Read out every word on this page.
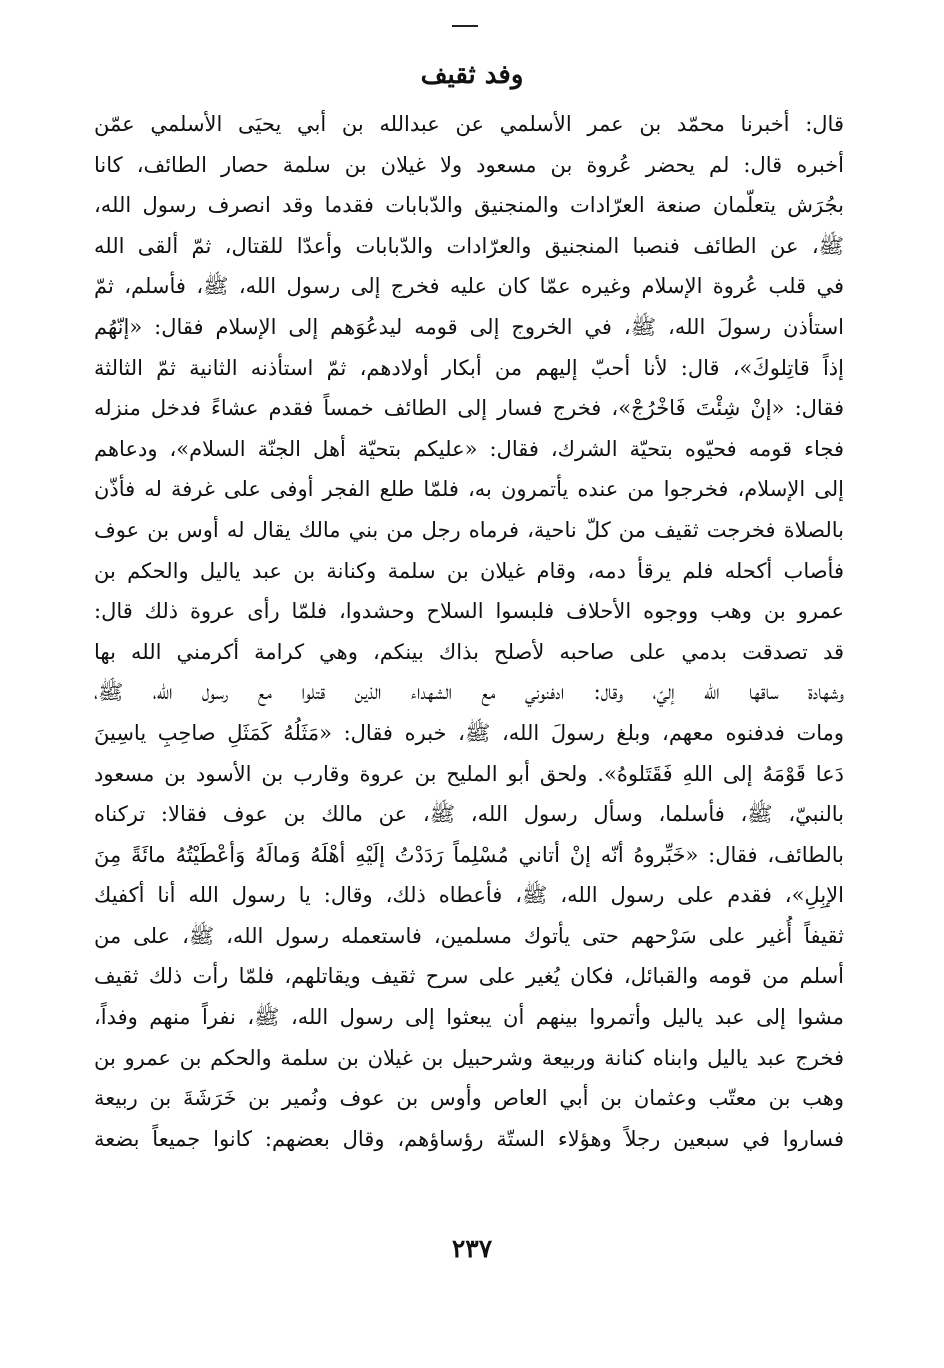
وفد ثقيف
قال: أخبرنا محمّد بن عمر الأسلمي عن عبدالله بن أبي يحيَى الأسلمي عمّن
أخبره قال: لم يحضر عُروة بن مسعود ولا غيلان بن سلمة حصار الطائف، كانا
بجُرَش يتعلّمان صنعة العرّادات والمنجنيق والدّبابات فقدما وقد انصرف رسول الله،
ﷺ، عن الطائف فنصبا المنجنيق والعرّادات والدّبابات وأعدّا للقتال، ثمّ ألقى الله
في قلب عُروة الإسلام وغيره عمّا كان عليه فخرج إلى رسول الله، ﷺ، فأسلم، ثمّ
استأذن رسولَ الله، ﷺ، في الخروج إلى قومه ليدعُوَهم إلى الإسلام فقال: «إنّهُم
إذاً قاتِلوكَ»، قال: لأنا أحبّ إليهم من أبكار أولادهم، ثمّ استأذنه الثانية ثمّ الثالثة
فقال: «إنْ شِئْتَ فَاخْرُجْ»، فخرج فسار إلى الطائف خمساً فقدم عشاءً فدخل منزله
فجاء قومه فحيّوه بتحيّة الشرك، فقال: «عليكم بتحيّة أهل الجنّة السلام»، ودعاهم
إلى الإسلام، فخرجوا من عنده يأتمرون به، فلمّا طلع الفجر أوفى على غرفة له فأذّن
بالصلاة فخرجت ثقيف من كلّ ناحية، فرماه رجل من بني مالك يقال له أوس بن عوف
فأصاب أكحله فلم يرقأ دمه، وقام غيلان بن سلمة وكنانة بن عبد ياليل والحكم بن
عمرو بن وهب ووجوه الأحلاف فلبسوا السلاح وحشدوا، فلمّا رأى عروة ذلك قال:
قد تصدقت بدمي على صاحبه لأصلح بذاك بينكم، وهي كرامة أكرمني الله بها
وشهادة ساقها الله إليّ، وقال: ادفنوني مع الشهداء الذين قتلوا مع رسول الله، ﷺ،
ومات فدفنوه معهم، وبلغ رسولَ الله، ﷺ، خبره فقال: «مَثَلُهُ كَمَثَلِ صاحِبِ ياسِينَ
دَعا قَوْمَهُ إلى اللهِ فَقَتَلوهُ». ولحق أبو المليح بن عروة وقارب بن الأسود بن مسعود
بالنبيّ، ﷺ، فأسلما، وسأل رسول الله، ﷺ، عن مالك بن عوف فقالا: تركناه
بالطائف، فقال: «خَبِّروهُ أنّه إنْ أتاني مُسْلِماً رَدَدْتُ إلَيْهِ أهْلَهُ وَمالَهُ وَأعْطَيْتُهُ مائَةً مِنَ
الإبِلِ»، فقدم على رسول الله، ﷺ، فأعطاه ذلك، وقال: يا رسول الله أنا أكفيك
ثقيفاً أُغير على سَرْحهم حتى يأتوك مسلمين، فاستعمله رسول الله، ﷺ، على من
أسلم من قومه والقبائل، فكان يُغير على سرح ثقيف ويقاتلهم، فلمّا رأت ذلك ثقيف
مشوا إلى عبد ياليل وأتمروا بينهم أن يبعثوا إلى رسول الله، ﷺ، نفراً منهم وفداً،
فخرج عبد ياليل وابناه كنانة وربيعة وشرحبيل بن غيلان بن سلمة والحكم بن عمرو بن
وهب بن معتّب وعثمان بن أبي العاص وأوس بن عوف ونُمير بن خَرَشَةَ بن ربيعة
فساروا في سبعين رجلاً وهؤلاء الستّة رؤساؤهم، وقال بعضهم: كانوا جميعاً بضعة
٢٣٧
